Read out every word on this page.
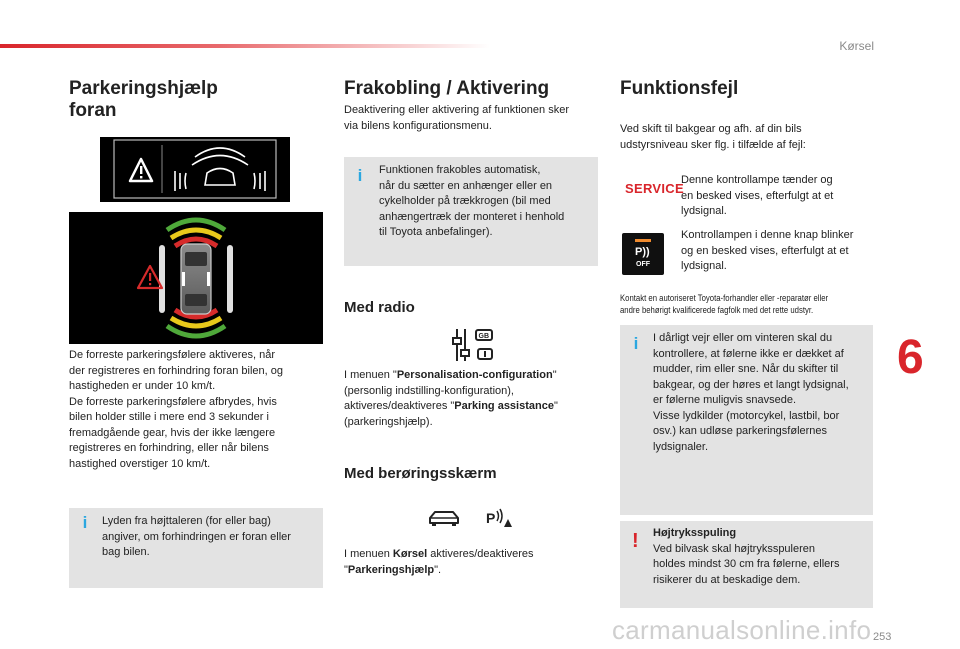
Kørsel
Parkeringshjælp
foran
De forreste parkeringsfølere aktiveres, når
der registreres en forhindring foran bilen, og
hastigheden er under 10 km/t.
De forreste parkeringsfølere afbrydes, hvis
bilen holder stille i mere end 3 sekunder i
fremadgående gear, hvis der ikke længere
registreres en forhindring, eller når bilens
hastighed overstiger 10 km/t.
i Lyden fra højttaleren (for eller bag)
angiver, om forhindringen er foran eller
bag bilen.
Frakobling / Aktivering
Deaktivering eller aktivering af funktionen sker
via bilens konfigurationsmenu.
i Funktionen frakobles automatisk,
når du sætter en anhænger eller en
cykelholder på trækkrogen (bil med
anhængertræk der monteret i henhold
til Toyota anbefalinger).
Med radio
GB
I menuen "Personalisation-configuration"
(personlig indstilling-konfiguration),
aktiveres/deaktiveres "Parking assistance"
(parkeringshjælp).
Med berøringsskærm
P
I menuen Kørsel aktiveres/deaktiveres
"Parkeringshjælp".
Funktionsfejl
Ved skift til bakgear og afh. af din bils
udstyrsniveau sker flg. i tilfælde af fejl:
SERVICE
Denne kontrollampe tænder og
en besked vises, efterfulgt at et
lydsignal.
P))
OFF
Kontrollampen i denne knap blinker
og en besked vises, efterfulgt at et
lydsignal.
Kontakt en autoriseret Toyota-forhandler eller -reparatør eller
andre behørigt kvalificerede fagfolk med det rette udstyr.
i I dårligt vejr eller om vinteren skal du
kontrollere, at følerne ikke er dækket af
mudder, rim eller sne. Når du skifter til
bakgear, og der høres et langt lydsignal,
er følerne muligvis snavsede.
Visse lydkilder (motorcykel, lastbil, bor
osv.) kan udløse parkeringsfølernes
lydsignaler.
! Højtryksspuling
Ved bilvask skal højtryksspuleren
holdes mindst 30 cm fra følerne, ellers
risikerer du at beskadige dem.
6
carmanualsonline.info 253
